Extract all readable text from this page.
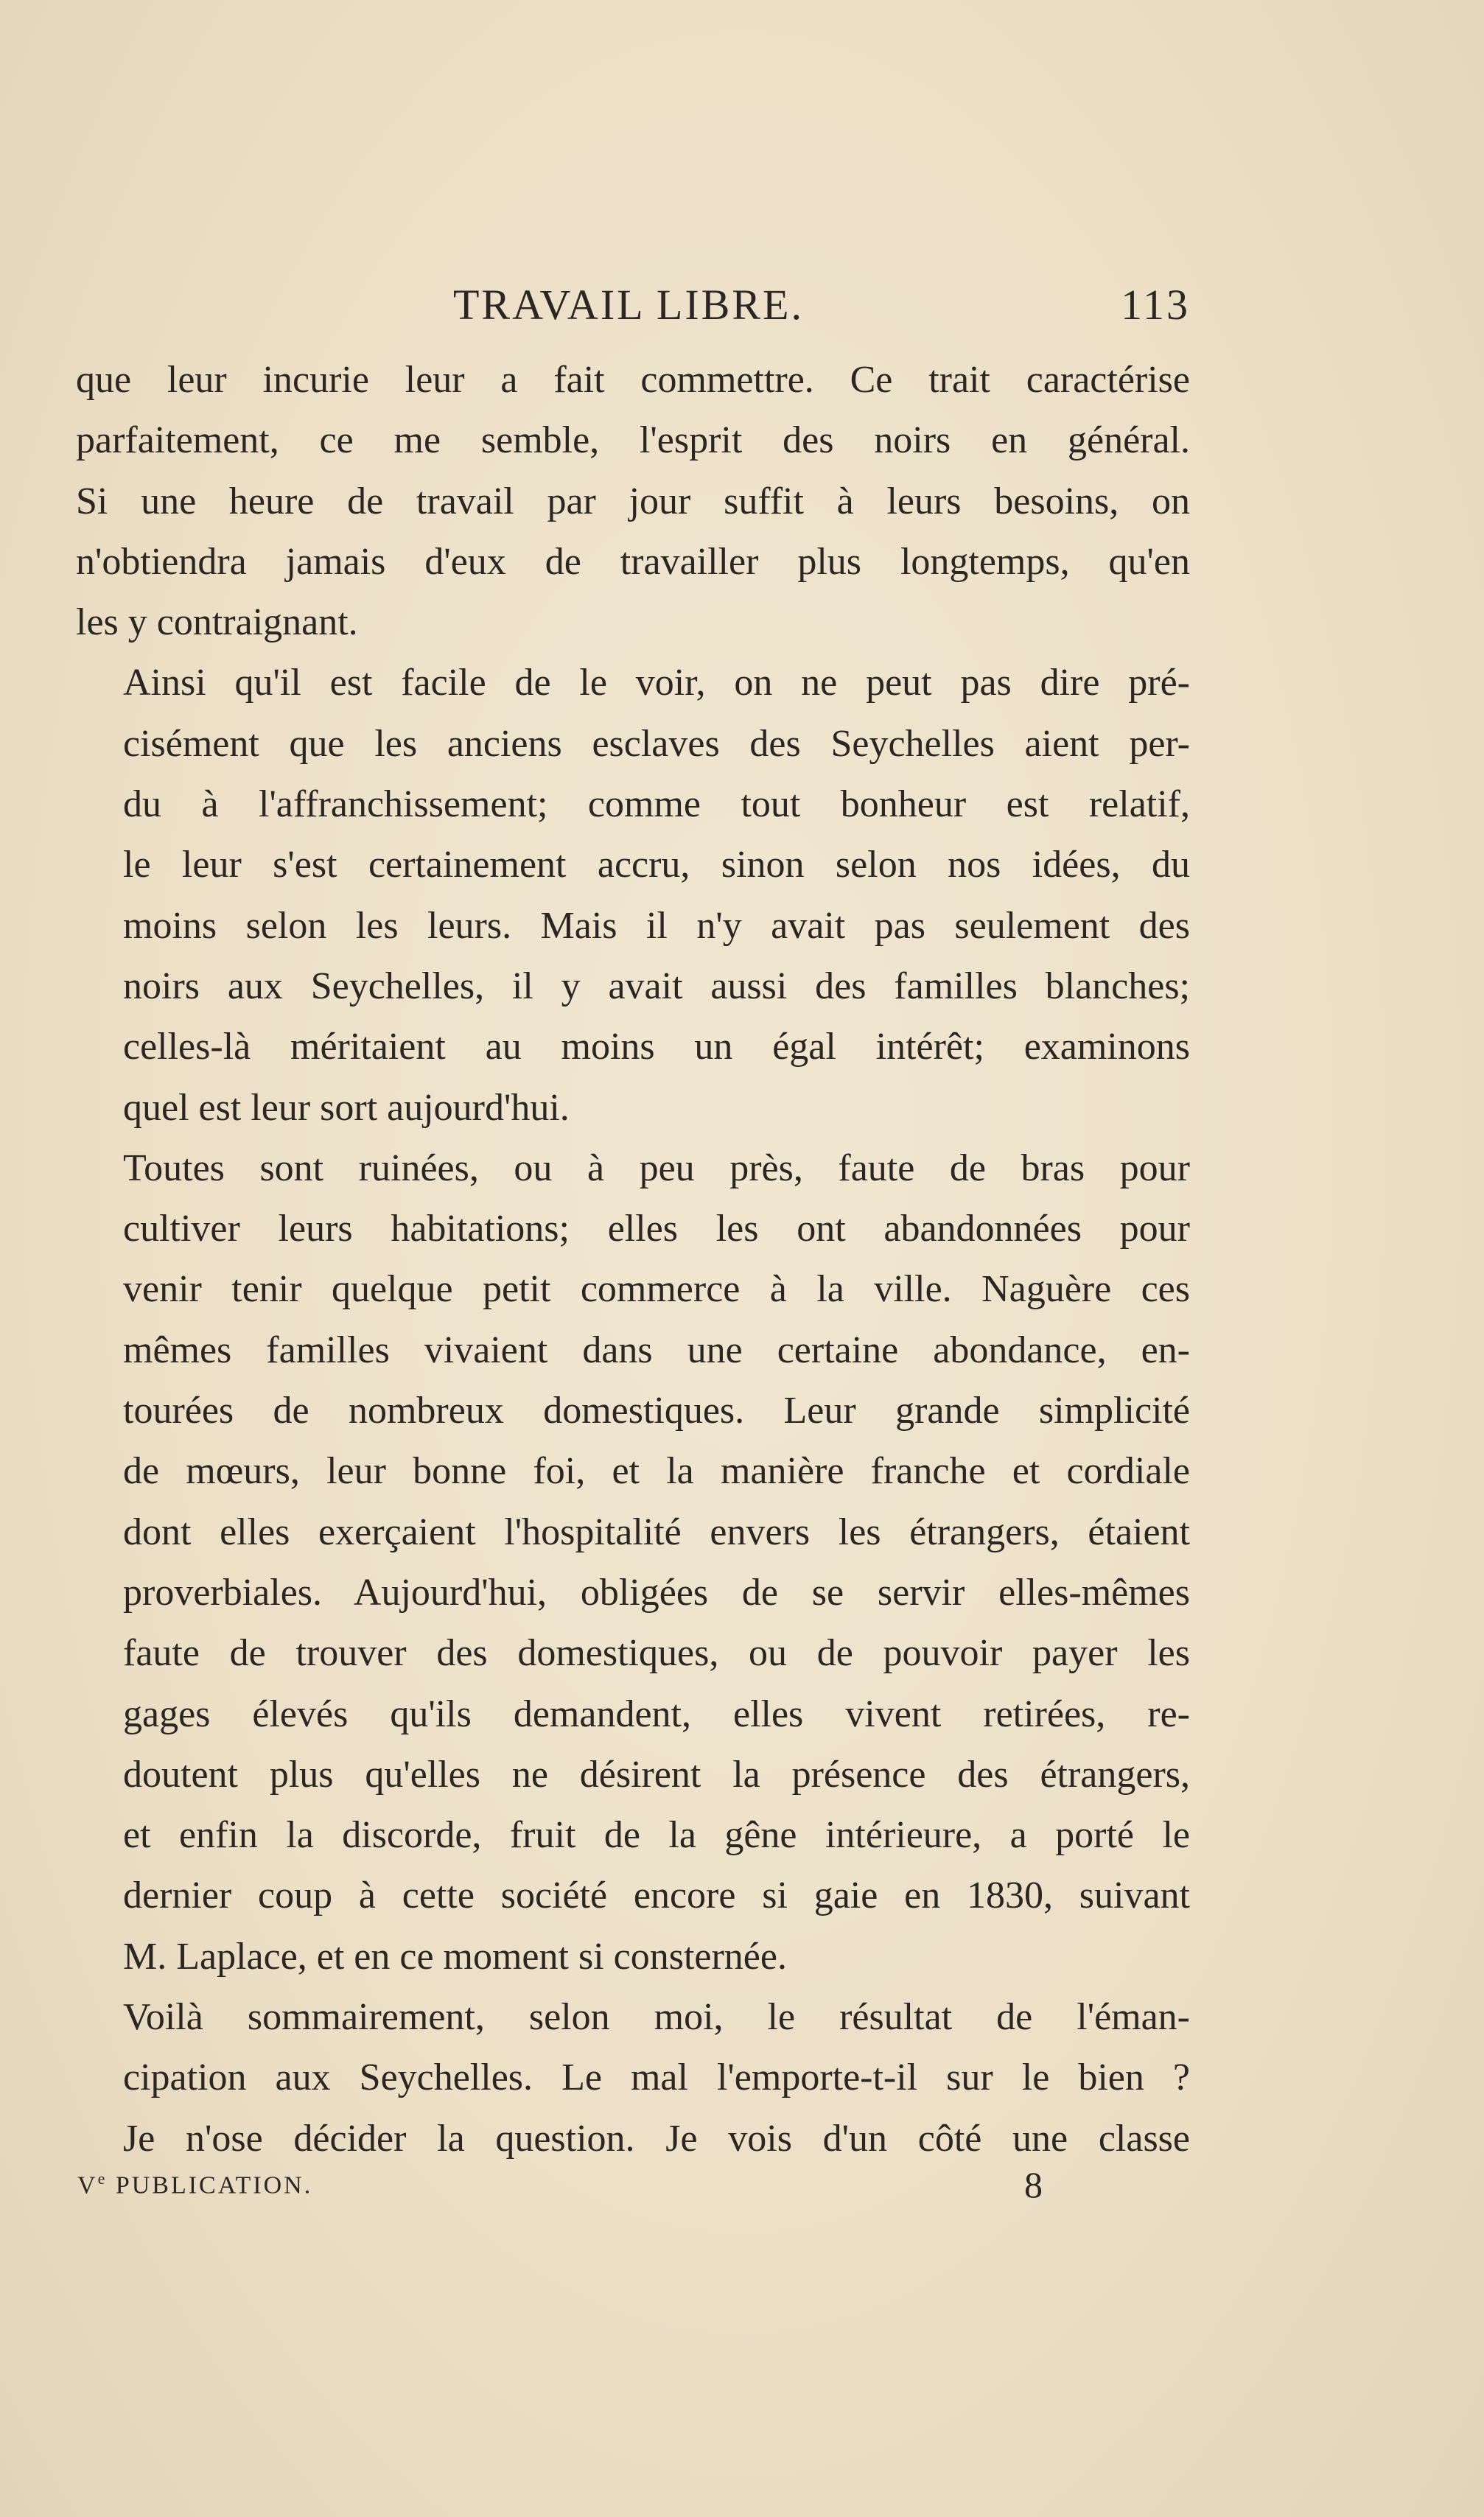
TRAVAIL LIBRE.	113

que leur incurie leur a fait commettre. Ce trait caractérise
parfaitement, ce me semble, l'esprit des noirs en général.
Si une heure de travail par jour suffit à leurs besoins, on
n'obtiendra jamais d'eux de travailler plus longtemps, qu'en
les y contraignant.

Ainsi qu'il est facile de le voir, on ne peut pas dire pré-
cisément que les anciens esclaves des Seychelles aient per-
du à l'affranchissement; comme tout bonheur est relatif,
le leur s'est certainement accru, sinon selon nos idées, du
moins selon les leurs. Mais il n'y avait pas seulement des
noirs aux Seychelles, il y avait aussi des familles blanches;
celles-là méritaient au moins un égal intérêt; examinons
quel est leur sort aujourd'hui.

Toutes sont ruinées, ou à peu près, faute de bras pour
cultiver leurs habitations; elles les ont abandonnées pour
venir tenir quelque petit commerce à la ville. Naguère ces
mêmes familles vivaient dans une certaine abondance, en-
tourées de nombreux domestiques. Leur grande simplicité
de mœurs, leur bonne foi, et la manière franche et cordiale
dont elles exerçaient l'hospitalité envers les étrangers, étaient
proverbiales. Aujourd'hui, obligées de se servir elles-mêmes
faute de trouver des domestiques, ou de pouvoir payer les
gages élevés qu'ils demandent, elles vivent retirées, re-
doutent plus qu'elles ne désirent la présence des étrangers,
et enfin la discorde, fruit de la gêne intérieure, a porté le
dernier coup à cette société encore si gaie en 1830, suivant
M. Laplace, et en ce moment si consternée.

Voilà sommairement, selon moi, le résultat de l'éman-
cipation aux Seychelles. Le mal l'emporte-t-il sur le bien ?
Je n'ose décider la question. Je vois d'un côté une classe

Ve PUBLICATION.	8
